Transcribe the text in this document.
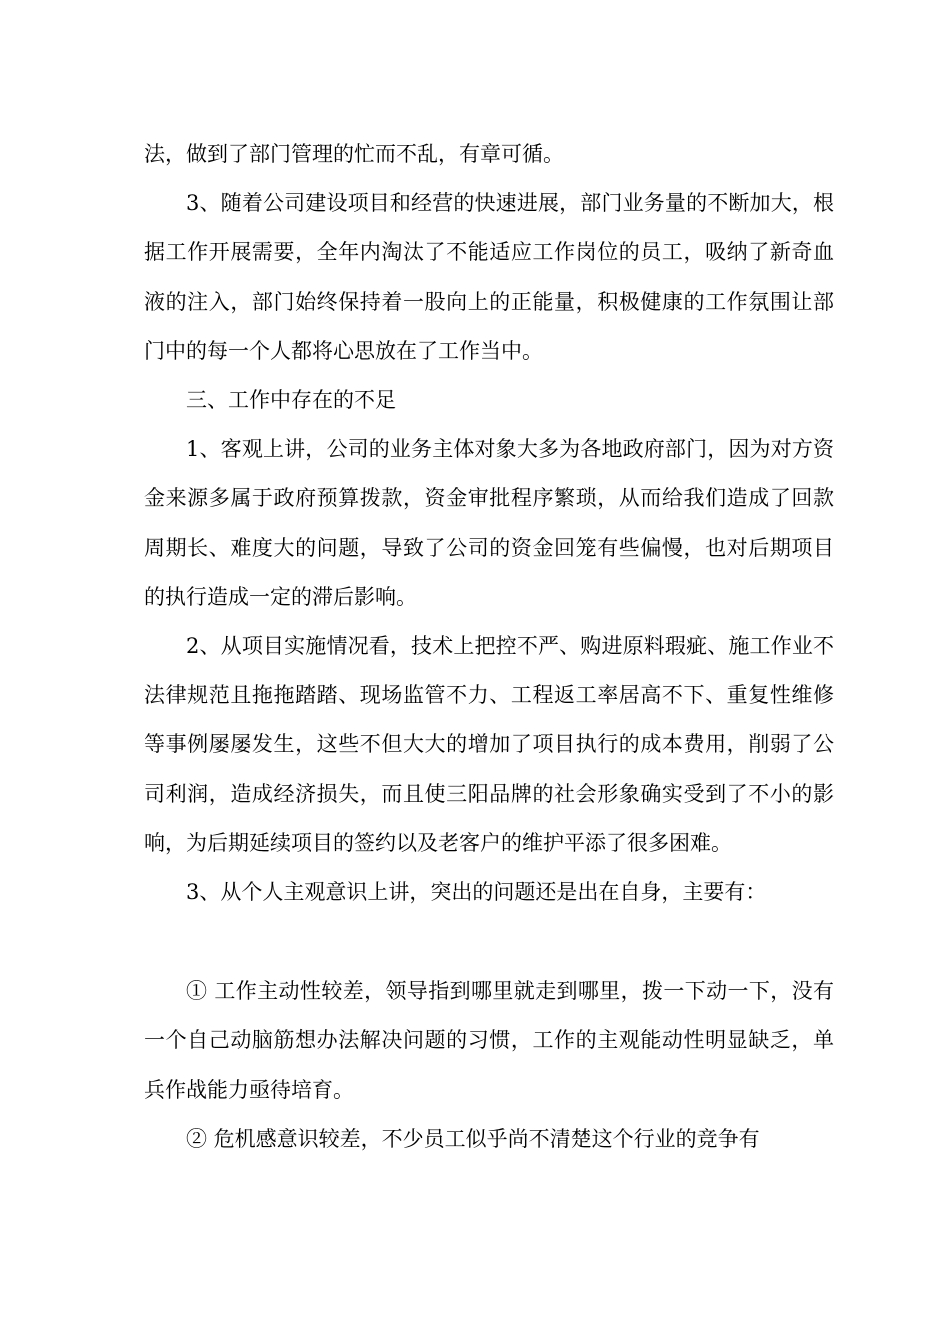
法，做到了部门管理的忙而不乱，有章可循。

3、随着公司建设项目和经营的快速进展，部门业务量的不断加大，根据工作开展需要，全年内淘汰了不能适应工作岗位的员工，吸纳了新奇血液的注入，部门始终保持着一股向上的正能量，积极健康的工作氛围让部门中的每一个人都将心思放在了工作当中。

三、工作中存在的不足

1、客观上讲，公司的业务主体对象大多为各地政府部门，因为对方资金来源多属于政府预算拨款，资金审批程序繁琐，从而给我们造成了回款周期长、难度大的问题，导致了公司的资金回笼有些偏慢，也对后期项目的执行造成一定的滞后影响。

2、从项目实施情况看，技术上把控不严、购进原料瑕疵、施工作业不法律规范且拖拖踏踏、现场监管不力、工程返工率居高不下、重复性维修等事例屡屡发生，这些不但大大的增加了项目执行的成本费用，削弱了公司利润，造成经济损失，而且使三阳品牌的社会形象确实受到了不小的影响，为后期延续项目的签约以及老客户的维护平添了很多困难。

3、从个人主观意识上讲，突出的问题还是出在自身，主要有：

① 工作主动性较差，领导指到哪里就走到哪里，拨一下动一下，没有一个自己动脑筋想办法解决问题的习惯，工作的主观能动性明显缺乏，单兵作战能力亟待培育。

② 危机感意识较差，不少员工似乎尚不清楚这个行业的竞争有
